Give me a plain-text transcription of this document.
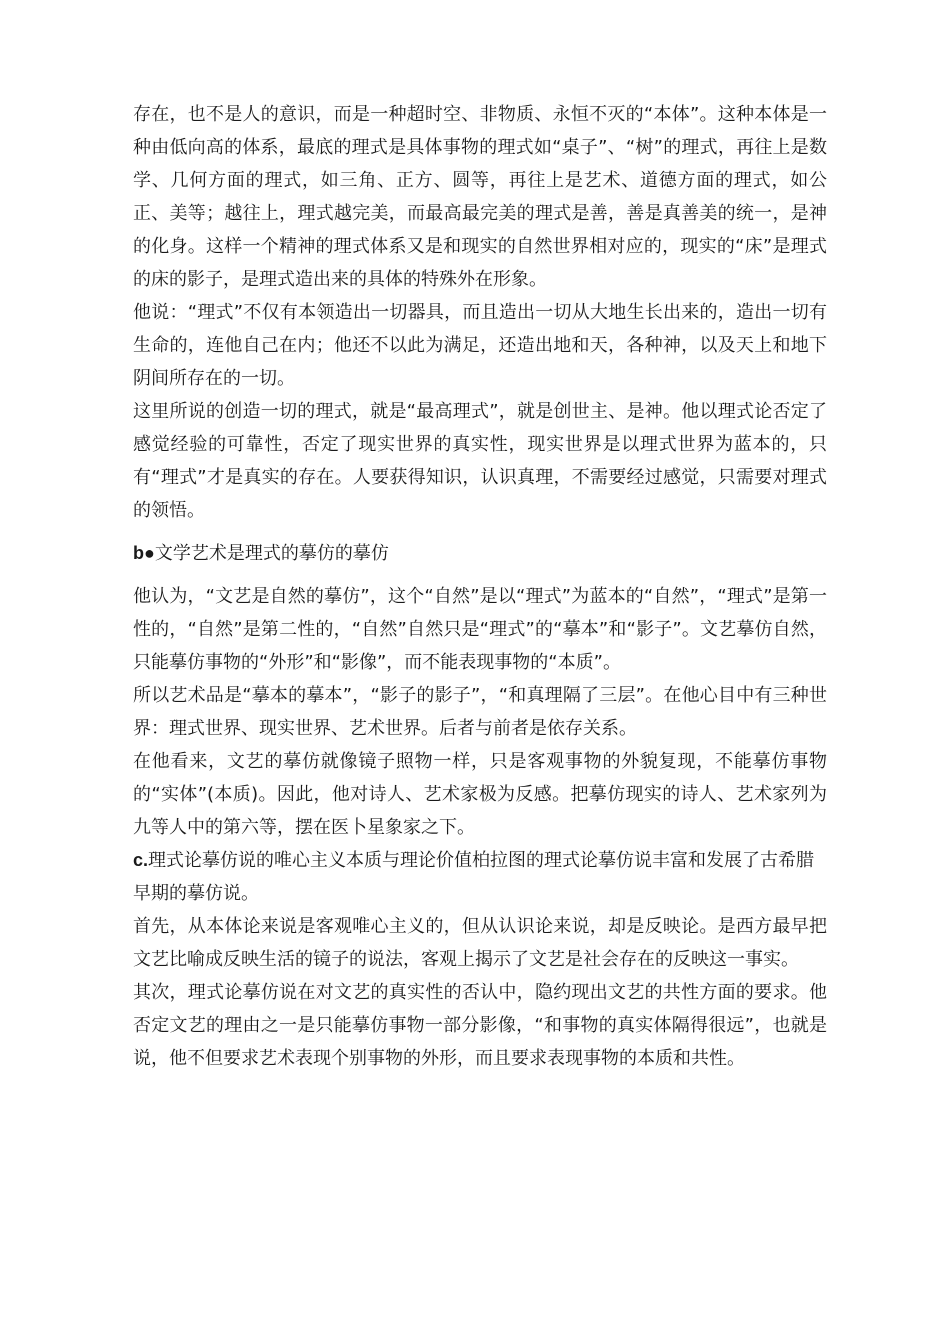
存在，也不是人的意识，而是一种超时空、非物质、永恒不灭的“本体”。这种本体是一种由低向高的体系，最底的理式是具体事物的理式如“桌子”、“树”的理式，再往上是数学、几何方面的理式，如三角、正方、圆等，再往上是艺术、道德方面的理式，如公正、美等；越往上，理式越完美，而最高最完美的理式是善，善是真善美的统一，是神的化身。这样一个精神的理式体系又是和现实的自然世界相对应的，现实的“床”是理式的床的影子，是理式造出来的具体的特殊外在形象。

他说：“理式”不仅有本领造出一切器具，而且造出一切从大地生长出来的，造出一切有生命的，连他自己在内；他还不以此为满足，还造出地和天，各种神，以及天上和地下阴间所存在的一切。

这里所说的创造一切的理式，就是“最高理式”，就是创世主、是神。他以理式论否定了感觉经验的可靠性，否定了现实世界的真实性，现实世界是以理式世界为蓝本的，只有“理式”才是真实的存在。人要获得知识，认识真理，不需要经过感觉，只需要对理式的领悟。

b●文学艺术是理式的摹仿的摹仿

他认为，“文艺是自然的摹仿”，这个“自然”是以“理式”为蓝本的“自然”，“理式”是第一性的，“自然”是第二性的，“自然”自然只是“理式”的“摹本”和“影子”。文艺摹仿自然，只能摹仿事物的“外形”和“影像”，而不能表现事物的“本质”。

所以艺术品是“摹本的摹本”，“影子的影子”，“和真理隔了三层”。在他心目中有三种世界：理式世界、现实世界、艺术世界。后者与前者是依存关系。

在他看来，文艺的摹仿就像镜子照物一样，只是客观事物的外貌复现，不能摹仿事物的“实体”(本质)。因此，他对诗人、艺术家极为反感。把摹仿现实的诗人、艺术家列为九等人中的第六等，摆在医卜星象家之下。

c.理式论摹仿说的唯心主义本质与理论价值柏拉图的理式论摹仿说丰富和发展了古希腊早期的摹仿说。

首先，从本体论来说是客观唯心主义的，但从认识论来说，却是反映论。是西方最早把文艺比喻成反映生活的镜子的说法，客观上揭示了文艺是社会存在的反映这一事实。

其次，理式论摹仿说在对文艺的真实性的否认中，隐约现出文艺的共性方面的要求。他否定文艺的理由之一是只能摹仿事物一部分影像，“和事物的真实体隔得很远”，也就是说，他不但要求艺术表现个别事物的外形，而且要求表现事物的本质和共性。
